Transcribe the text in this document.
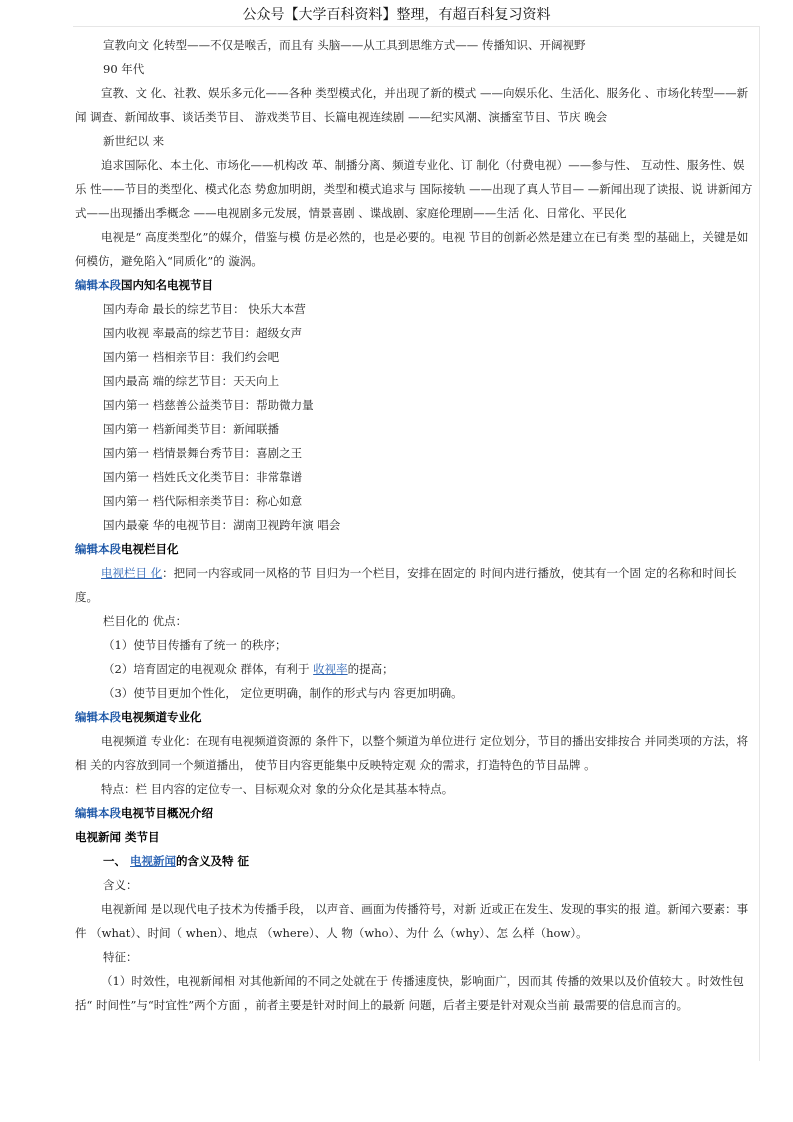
公众号【大学百科资料】整理，有超百科复习资料

宣教向文 化转型——不仅是喉舌，而且有 头脑——从工具到思维方式—— 传播知识、开阔视野

90 年代

宣教、文 化、社教、娱乐多元化——各种 类型模式化，并出现了新的模式 ——向娱乐化、生活化、服务化 、市场化转型——新闻 调查、新闻故事、谈话类节目、 游戏类节目、长篇电视连续剧 ——纪实风潮、演播室节目、节庆 晚会

新世纪以 来

追求国际化、本土化、市场化——机构改 革、制播分离、频道专业化、订 制化（付费电视）——参与性、 互动性、服务性、娱乐 性——节目的类型化、模式化态 势愈加明朗，类型和模式追求与 国际接轨 ——出现了真人节目— —新闻出现了读报、说 讲新闻方式——出现播出季概念 ——电视剧多元发展，情景喜剧 、谍战剧、家庭伦理剧——生活 化、日常化、平民化

电视是“ 高度类型化”的媒介，借鉴与模 仿是必然的，也是必要的。电视 节目的创新必然是建立在已有类 型的基础上，关键是如 何模仿，避免陷入“同质化”的 漩涡。

编辑本段国内知名电视节目

国内寿命 最长的综艺节目： 快乐大本营

国内收视 率最高的综艺节目：超级女声

国内第一 档相亲节目：我们约会吧

国内最高 端的综艺节目：天天向上

国内第一 档慈善公益类节目：帮助微力量

国内第一 档新闻类节目：新闻联播

国内第一 档情景舞台秀节目：喜剧之王

国内第一 档姓氏文化类节目：非常靠谱

国内第一 档代际相亲类节目：称心如意

国内最豪 华的电视节目：湖南卫视跨年演 唱会

编辑本段电视栏目化

电视栏目 化：把同一内容或同一风格的节 目归为一个栏目，安排在固定的 时间内进行播放，使其有一个固 定的名称和时间长度。

栏目化的 优点：

（1）使节目传播有了统一 的秩序；

（2）培育固定的电视观众 群体，有利于 收视率的提高；

（3）使节目更加个性化， 定位更明确，制作的形式与内 容更加明确。

编辑本段电视频道专业化

电视频道 专业化：在现有电视频道资源的 条件下，以整个频道为单位进行 定位划分，节目的播出安排按合 并同类项的方法，将相 关的内容放到同一个频道播出， 使节目内容更能集中反映特定观 众的需求，打造特色的节目品牌 。

特点：栏 目内容的定位专一、目标观众对 象的分众化是其基本特点。

编辑本段电视节目概况介绍

电视新闻 类节目

一、 电视新闻的含义及特 征

含义：

电视新闻 是以现代电子技术为传播手段， 以声音、画面为传播符号，对新 近或正在发生、发现的事实的报 道。新闻六要素：事件 （what）、时间（ when）、地点 （where）、人 物（who）、为什 么（why）、怎 么样（how）。

特征：

（1）时效性，电视新闻相 对其他新闻的不同之处就在于 传播速度快，影响面广，因而其 传播的效果以及价值较大 。时效性包括“ 时间性”与“时宜性”两个方面 ，前者主要是针对时间上的最新 问题，后者主要是针对观众当前 最需要的信息而言的。
